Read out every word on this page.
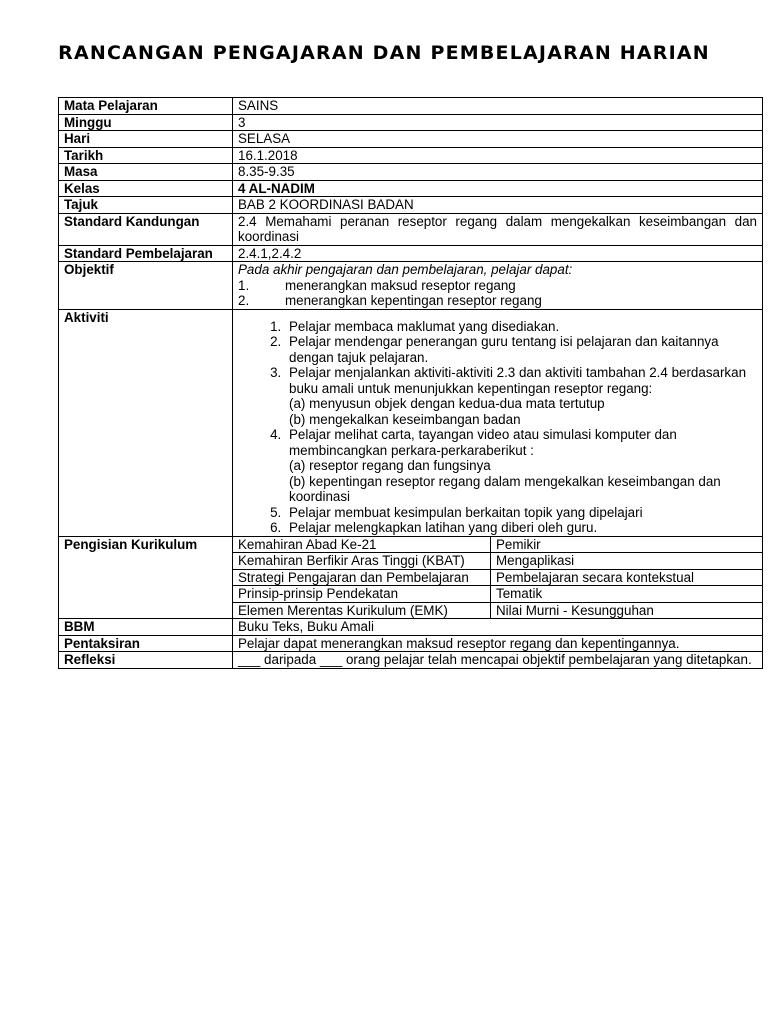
RANCANGAN PENGAJARAN DAN PEMBELAJARAN HARIAN
Mata Pelajaran	SAINS
Minggu	3
Hari	SELASA
Tarikh	16.1.2018
Masa	8.35-9.35
Kelas	4 AL-NADIM
Tajuk	BAB 2 KOORDINASI BADAN
Standard Kandungan	2.4 Memahami peranan reseptor regang dalam mengekalkan keseimbangan dan koordinasi
Standard Pembelajaran	2.4.1,2.4.2
Objektif	Pada akhir pengajaran dan pembelajaran, pelajar dapat:
1.	menerangkan maksud reseptor regang
2.	menerangkan kepentingan reseptor regang

Aktiviti	
1. Pelajar membaca maklumat yang disediakan.
2. Pelajar mendengar penerangan guru tentang isi pelajaran dan kaitannya dengan tajuk pelajaran.
3. Pelajar menjalankan aktiviti-aktiviti 2.3 dan aktiviti tambahan 2.4 berdasarkan buku amali untuk menunjukkan kepentingan reseptor regang:
(a) menyusun objek dengan kedua-dua mata tertutup
(b) mengekalkan keseimbangan badan
4. Pelajar melihat carta, tayangan video atau simulasi komputer dan membincangkan perkara-perkaraberikut :
(a) reseptor regang dan fungsinya
(b) kepentingan reseptor regang dalam mengekalkan keseimbangan dan koordinasi
5. Pelajar membuat kesimpulan berkaitan topik yang dipelajari
6. Pelajar melengkapkan latihan yang diberi oleh guru.

Pengisian Kurikulum		Kemahiran Abad Ke-21	Pemikir
Kemahiran Berfikir Aras Tinggi (KBAT)	Mengaplikasi
Strategi Pengajaran dan Pembelajaran	Pembelajaran secara kontekstual
Prinsip-prinsip Pendekatan	Tematik
Elemen Merentas Kurikulum (EMK)	Nilai Murni - Kesungguhan

BBM	Buku Teks, Buku Amali
Pentaksiran	Pelajar dapat menerangkan maksud reseptor regang dan kepentingannya.
Refleksi	___ daripada ___ orang pelajar telah mencapai objektif pembelajaran yang ditetapkan.
